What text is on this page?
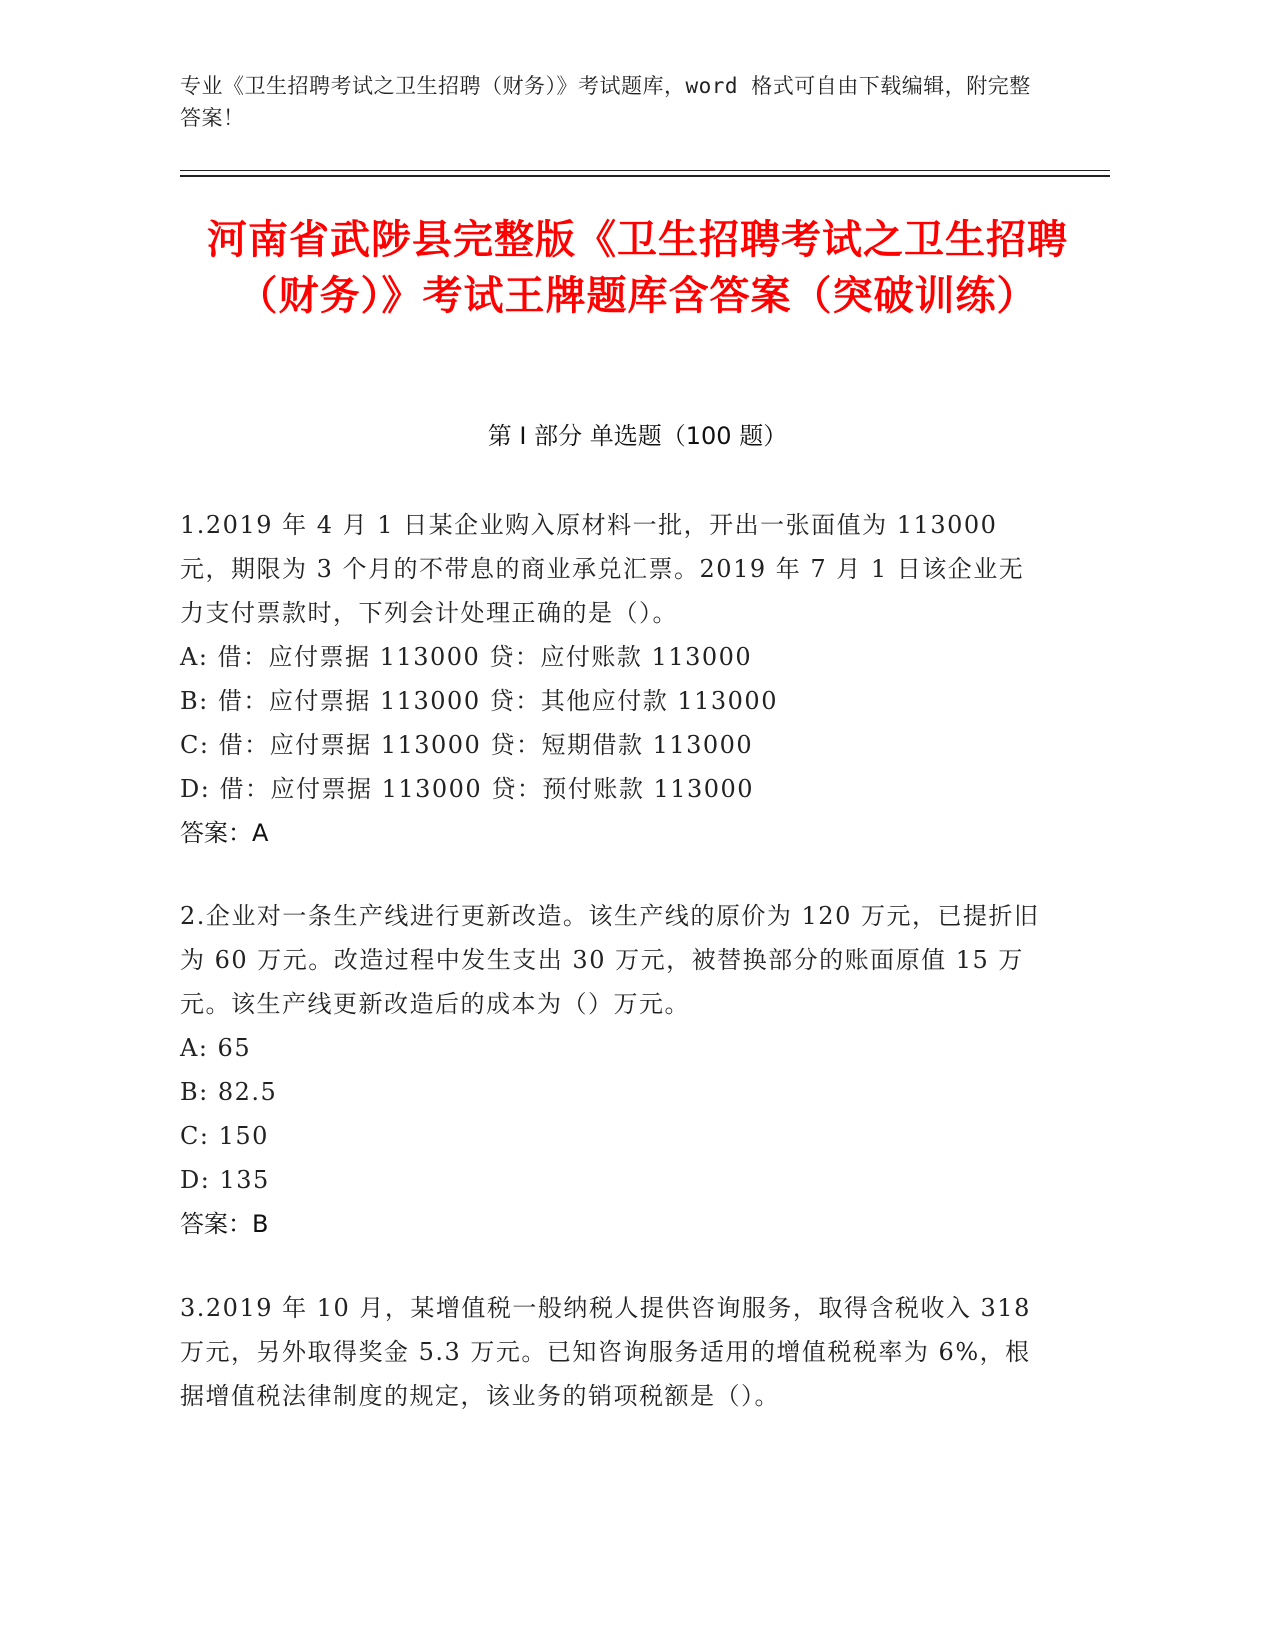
专业《卫生招聘考试之卫生招聘（财务）》考试题库，word 格式可自由下载编辑，附完整答案！
河南省武陟县完整版《卫生招聘考试之卫生招聘（财务）》考试王牌题库含答案（突破训练）
第 I 部分 单选题（100 题）
1.2019 年 4 月 1 日某企业购入原材料一批，开出一张面值为 113000 元，期限为 3 个月的不带息的商业承兑汇票。2019 年 7 月 1 日该企业无力支付票款时，下列会计处理正确的是（）。
A: 借：应付票据 113000 贷：应付账款 113000
B: 借：应付票据 113000 贷：其他应付款 113000
C: 借：应付票据 113000 贷：短期借款 113000
D: 借：应付票据 113000 贷：预付账款 113000
答案：A
2.企业对一条生产线进行更新改造。该生产线的原价为 120 万元，已提折旧为 60 万元。改造过程中发生支出 30 万元，被替换部分的账面原值 15 万元。该生产线更新改造后的成本为（）万元。
A: 65
B: 82.5
C: 150
D: 135
答案：B
3.2019 年 10 月，某增值税一般纳税人提供咨询服务，取得含税收入 318 万元，另外取得奖金 5.3 万元。已知咨询服务适用的增值税税率为 6%，根据增值税法律制度的规定，该业务的销项税额是（）。
